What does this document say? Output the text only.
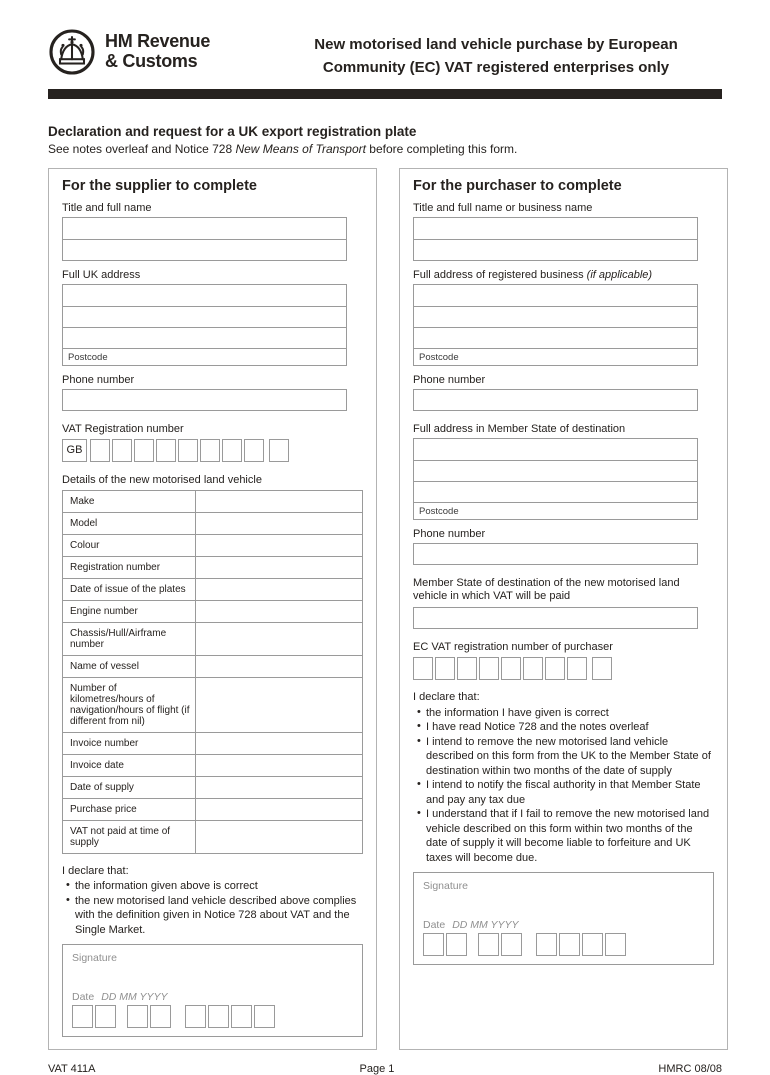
HM Revenue
& Customs
New motorised land vehicle purchase by European
Community (EC) VAT registered enterprises only
Declaration and request for a UK export registration plate
See notes overleaf and Notice 728 New Means of Transport before completing this form.
For the supplier to complete
Title and full name
Full UK address
Postcode
Phone number
VAT Registration number
GB
Details of the new motorised land vehicle
Make
Model
Colour
Registration number
Date of issue of the plates
Engine number
Chassis/Hull/Airframe number
Name of vessel
Number of kilometres/hours of navigation/hours of flight (if different from nil)
Invoice number
Invoice date
Date of supply
Purchase price
VAT not paid at time of supply
I declare that:
• the information given above is correct
• the new motorised land vehicle described above complies with the definition given in Notice 728 about VAT and the Single Market.
Signature
Date DD MM YYYY
For the purchaser to complete
Title and full name or business name
Full address of registered business (if applicable)
Postcode
Phone number
Full address in Member State of destination
Postcode
Phone number
Member State of destination of the new motorised land vehicle in which VAT will be paid
EC VAT registration number of purchaser
I declare that:
• the information I have given is correct
• I have read Notice 728 and the notes overleaf
• I intend to remove the new motorised land vehicle described on this form from the UK to the Member State of destination within two months of the date of supply
• I intend to notify the fiscal authority in that Member State and pay any tax due
• I understand that if I fail to remove the new motorised land vehicle described on this form within two months of the date of supply it will become liable to forfeiture and UK taxes will become due.
Signature
Date DD MM YYYY
VAT 411A	Page 1	HMRC 08/08
